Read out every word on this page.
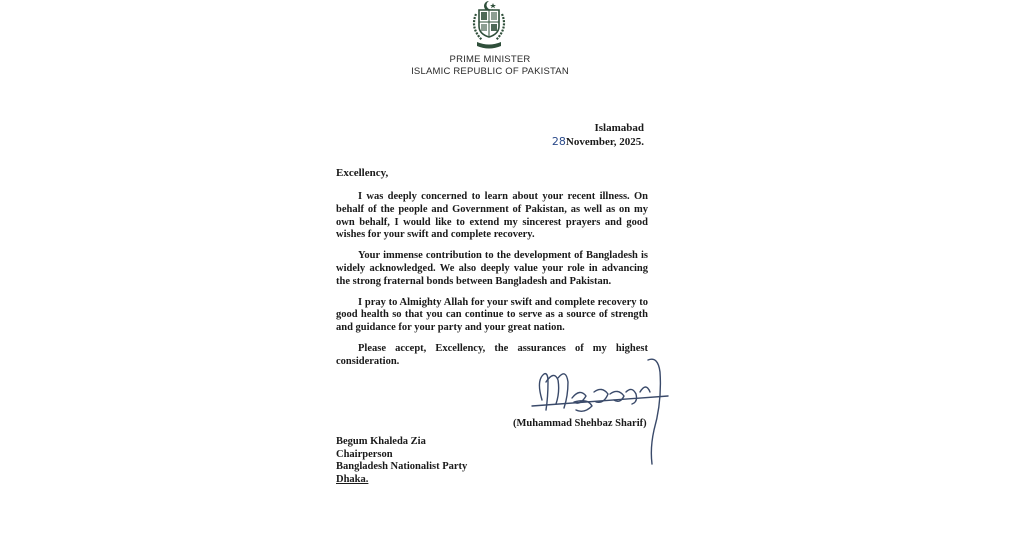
PRIME MINISTER
ISLAMIC REPUBLIC OF PAKISTAN
Islamabad
28November, 2025.
Excellency,

I was deeply concerned to learn about your recent illness. On behalf of the people and Government of Pakistan, as well as on my own behalf, I would like to extend my sincerest prayers and good wishes for your swift and complete recovery.

Your immense contribution to the development of Bangladesh is widely acknowledged. We also deeply value your role in advancing the strong fraternal bonds between Bangladesh and Pakistan.

I pray to Almighty Allah for your swift and complete recovery to good health so that you can continue to serve as a source of strength and guidance for your party and your great nation.

Please accept, Excellency, the assurances of my highest consideration.

(Muhammad Shehbaz Sharif)
Begum Khaleda Zia
Chairperson
Bangladesh Nationalist Party
Dhaka.
